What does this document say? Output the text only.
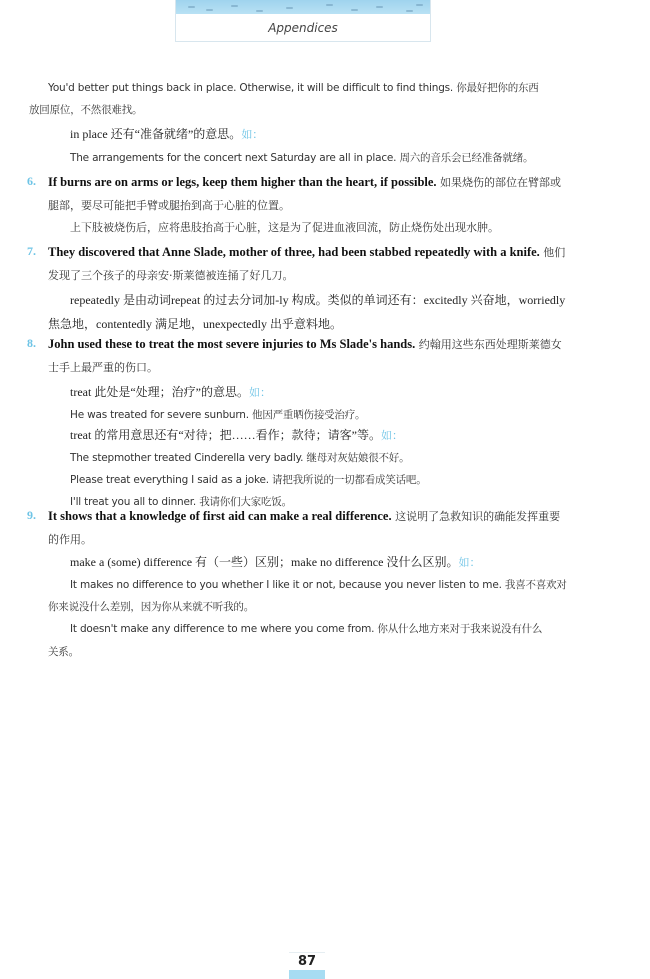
Appendices
You'd better put things back in place. Otherwise, it will be difficult to find things. 你最好把你的东西
放回原位，不然很难找。
in place 还有“准备就绪”的意思。如：
The arrangements for the concert next Saturday are all in place. 周六的音乐会已经准备就绪。
6. If burns are on arms or legs, keep them higher than the heart, if possible. 如果烧伤的部位在臂部或
腿部，要尽可能把手臂或腿抬到高于心脏的位置。
上下肢被烧伤后，应将患肢抬高于心脏，这是为了促进血液回流，防止烧伤处出现水肿。
7. They discovered that Anne Slade, mother of three, had been stabbed repeatedly with a knife. 他们
发现了三个孩子的母亲安·斯莱德被连捅了好几刀。
repeatedly 是由动词repeat 的过去分词加-ly 构成。类似的单词还有：excitedly 兴奋地，worriedly
焦急地，contentedly 满足地，unexpectedly 出乎意料地。
8. John used these to treat the most severe injuries to Ms Slade's hands. 约翰用这些东西处理斯莱德女
士手上最严重的伤口。
treat 此处是“处理；治疗”的意思。如：
He was treated for severe sunburn. 他因严重晒伤接受治疗。
treat 的常用意思还有“对待；把……看作；款待；请客”等。如：
The stepmother treated Cinderella very badly. 继母对灰姑娘很不好。
Please treat everything I said as a joke. 请把我所说的一切都看成笑话吧。
I'll treat you all to dinner. 我请你们大家吃饭。
9. It shows that a knowledge of first aid can make a real difference. 这说明了急救知识的确能发挥重要
的作用。
make a (some) difference 有（一些）区别；make no difference 没什么区别。如：
It makes no difference to you whether I like it or not, because you never listen to me. 我喜不喜欢对
你来说没什么差别，因为你从来就不听我的。
It doesn't make any difference to me where you come from. 你从什么地方来对于我来说没有什么
关系。
87
